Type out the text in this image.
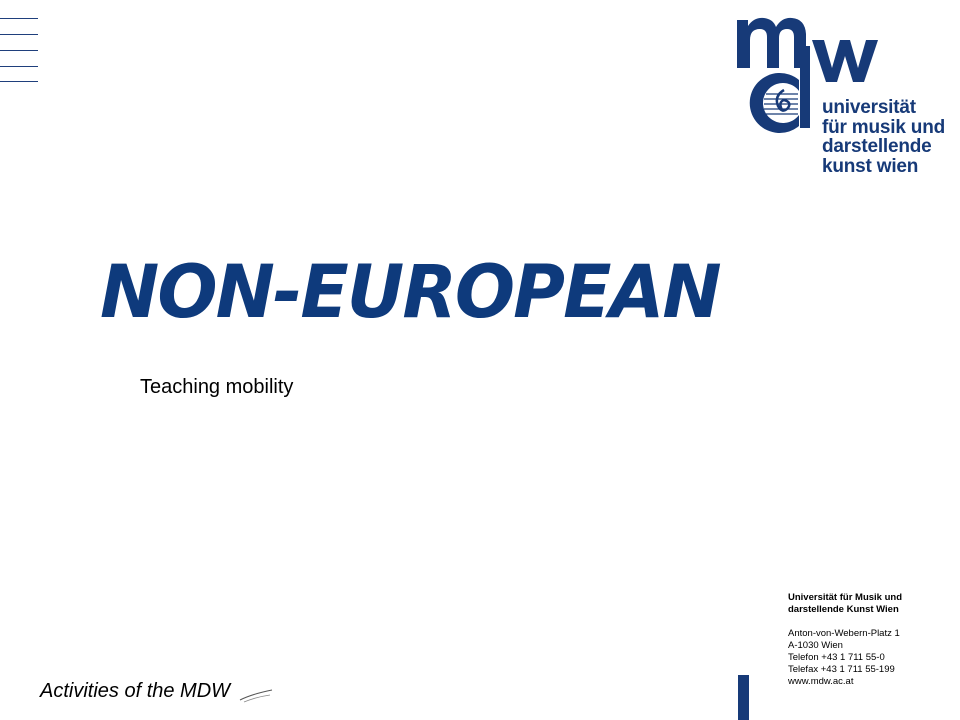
universität
für musik und
darstellende
kunst wien
NON-EUROPEAN
Teaching mobility
Universität für Musik und
darstellende Kunst Wien
Anton-von-Webern-Platz 1
A-1030 Wien
Telefon +43 1 711 55-0
Telefax +43 1 711 55-199
www.mdw.ac.at
Activities of the MDW
